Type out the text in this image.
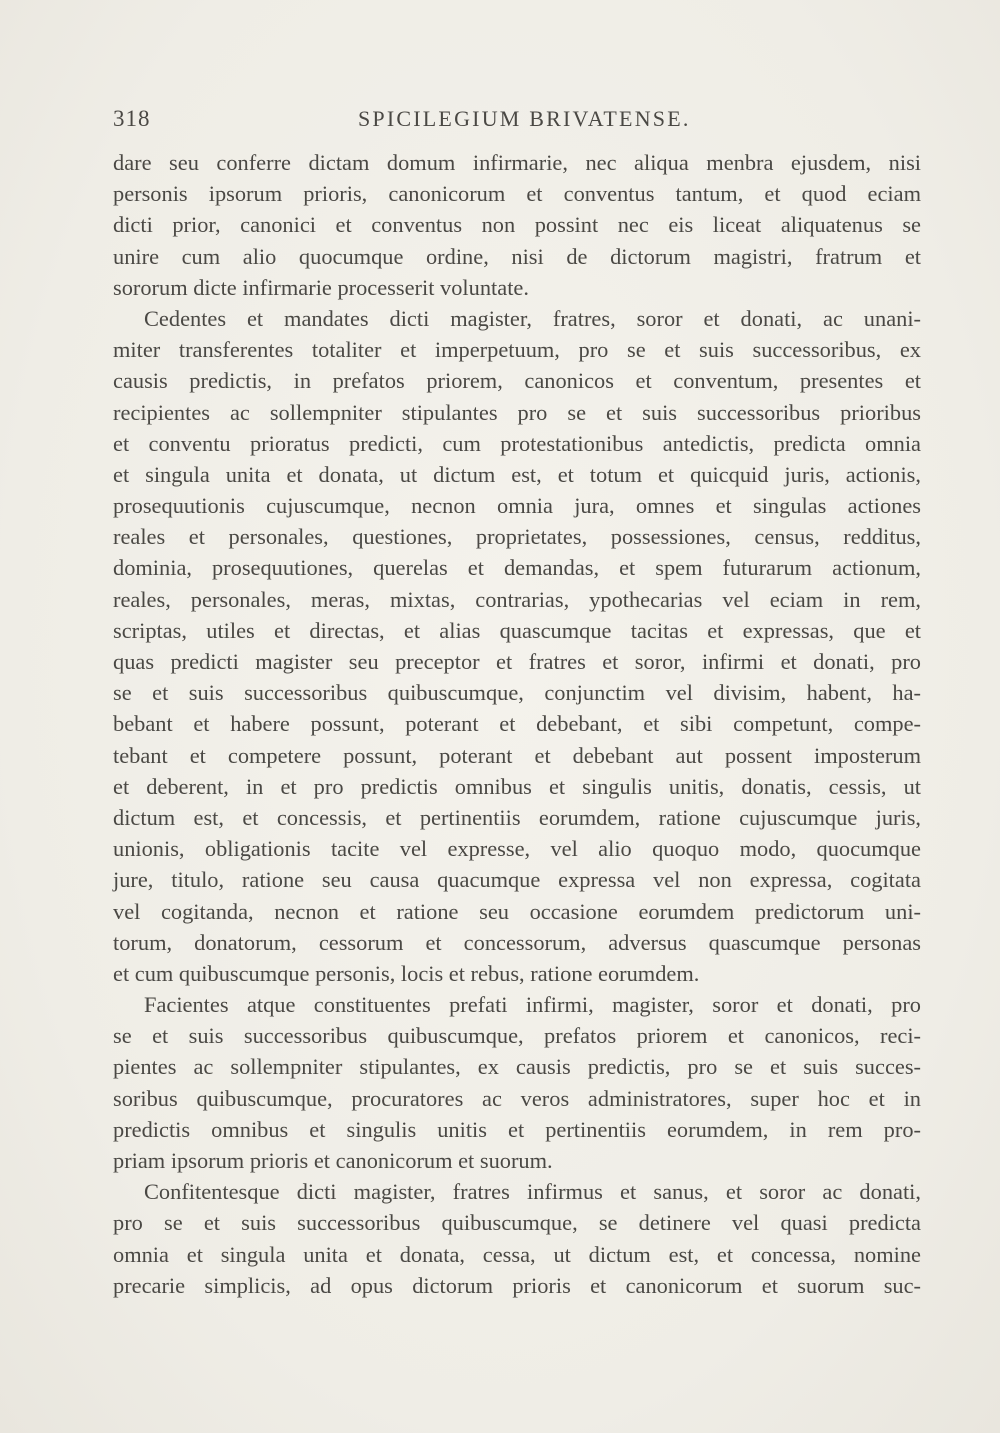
318	SPICILEGIUM BRIVATENSE.
dare seu conferre dictam domum infirmarie, nec aliqua menbra ejusdem, nisi
personis ipsorum prioris, canonicorum et conventus tantum, et quod eciam
dicti prior, canonici et conventus non possint nec eis liceat aliquatenus se
unire cum alio quocumque ordine, nisi de dictorum magistri, fratrum et
sororum dicte infirmarie processerit voluntate.
Cedentes et mandates dicti magister, fratres, soror et donati, ac unani-
miter transferentes totaliter et imperpetuum, pro se et suis successoribus, ex
causis predictis, in prefatos priorem, canonicos et conventum, presentes et
recipientes ac sollempniter stipulantes pro se et suis successoribus prioribus
et conventu prioratus predicti, cum protestationibus antedictis, predicta omnia
et singula unita et donata, ut dictum est, et totum et quicquid juris, actionis,
prosequutionis cujuscumque, necnon omnia jura, omnes et singulas actiones
reales et personales, questiones, proprietates, possessiones, census, redditus,
dominia, prosequutiones, querelas et demandas, et spem futurarum actionum,
reales, personales, meras, mixtas, contrarias, ypothecarias vel eciam in rem,
scriptas, utiles et directas, et alias quascumque tacitas et expressas, que et
quas predicti magister seu preceptor et fratres et soror, infirmi et donati, pro
se et suis successoribus quibuscumque, conjunctim vel divisim, habent, ha-
bebant et habere possunt, poterant et debebant, et sibi competunt, compe-
tebant et competere possunt, poterant et debebant aut possent imposterum
et deberent, in et pro predictis omnibus et singulis unitis, donatis, cessis, ut
dictum est, et concessis, et pertinentiis eorumdem, ratione cujuscumque juris,
unionis, obligationis tacite vel expresse, vel alio quoquo modo, quocumque
jure, titulo, ratione seu causa quacumque expressa vel non expressa, cogitata
vel cogitanda, necnon et ratione seu occasione eorumdem predictorum uni-
torum, donatorum, cessorum et concessorum, adversus quascumque personas
et cum quibuscumque personis, locis et rebus, ratione eorumdem.
Facientes atque constituentes prefati infirmi, magister, soror et donati, pro
se et suis successoribus quibuscumque, prefatos priorem et canonicos, reci-
pientes ac sollempniter stipulantes, ex causis predictis, pro se et suis succes-
soribus quibuscumque, procuratores ac veros administratores, super hoc et in
predictis omnibus et singulis unitis et pertinentiis eorumdem, in rem pro-
priam ipsorum prioris et canonicorum et suorum.
Confitentesque dicti magister, fratres infirmus et sanus, et soror ac donati,
pro se et suis successoribus quibuscumque, se detinere vel quasi predicta
omnia et singula unita et donata, cessa, ut dictum est, et concessa, nomine
precarie simplicis, ad opus dictorum prioris et canonicorum et suorum suc-
